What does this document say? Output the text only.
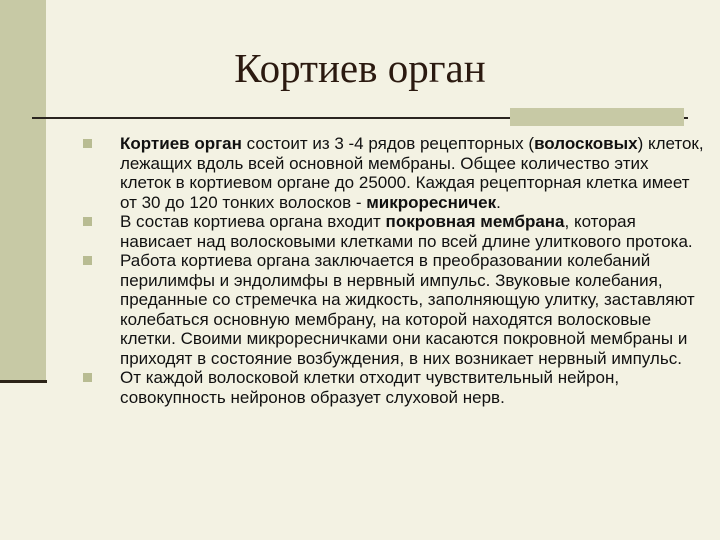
Кортиев орган
Кортиев орган состоит из 3 -4 рядов рецепторных (волосковых) клеток, лежащих вдоль всей основной мембраны. Общее количество этих клеток в кортиевом органе до 25000. Каждая рецепторная клетка имеет от 30 до 120 тонких волосков - микроресничек.
В состав кортиева органа входит покровная мембрана, которая нависает над волосковыми клетками по всей длине улиткового протока.
Работа кортиева органа заключается в преобразовании колебаний перилимфы и эндолимфы в нервный импульс. Звуковые колебания, преданные со стремечка на жидкость, заполняющую улитку, заставляют колебаться основную мембрану, на которой находятся волосковые клетки. Своими микроресничками они касаются покровной мембраны и приходят в состояние возбуждения, в них возникает нервный импульс.
От каждой волосковой клетки отходит чувствительный нейрон, совокупность нейронов образует слуховой нерв.
